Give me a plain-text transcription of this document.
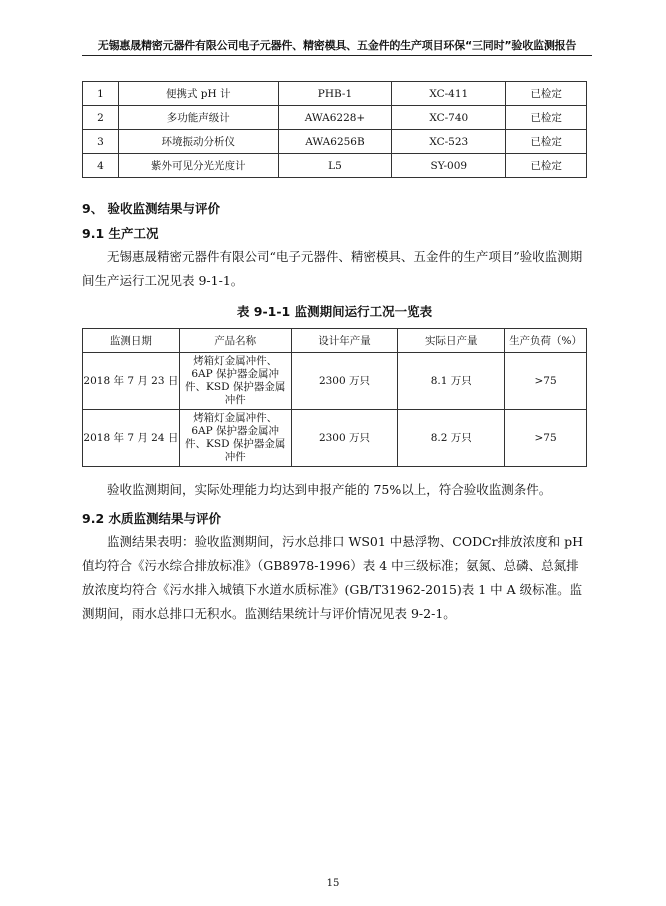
无锡惠晟精密元器件有限公司电子元器件、精密模具、五金件的生产项目环保“三同时”验收监测报告
1	便携式 pH 计	PHB-1	XC-411	已检定
2	多功能声级计	AWA6228+	XC-740	已检定
3	环境振动分析仪	AWA6256B	XC-523	已检定
4	紫外可见分光光度计	L5	SY-009	已检定
9、 验收监测结果与评价
9.1 生产工况

无锡惠晟精密元器件有限公司“电子元器件、精密模具、五金件的生产项目”验收监测期间生产运行工况见表 9-1-1。

表 9-1-1 监测期间运行工况一览表
监测日期	产品名称	设计年产量	实际日产量	生产负荷（%）
2018 年 7 月 23 日	烤箱灯金属冲件、6AP 保护器金属冲件、KSD 保护器金属冲件	2300 万只	8.1 万只	>75
2018 年 7 月 24 日	烤箱灯金属冲件、6AP 保护器金属冲件、KSD 保护器金属冲件	2300 万只	8.2 万只	>75

验收监测期间，实际处理能力均达到申报产能的 75%以上，符合验收监测条件。

9.2 水质监测结果与评价

监测结果表明：验收监测期间，污水总排口 WS01 中悬浮物、CODCr排放浓度和 pH 值均符合《污水综合排放标准》（GB8978-1996）表 4 中三级标准；氨氮、总磷、总氮排放浓度均符合《污水排入城镇下水道水质标准》(GB/T31962-2015)表 1 中 A 级标准。监测期间，雨水总排口无积水。监测结果统计与评价情况见表 9-2-1。

15
